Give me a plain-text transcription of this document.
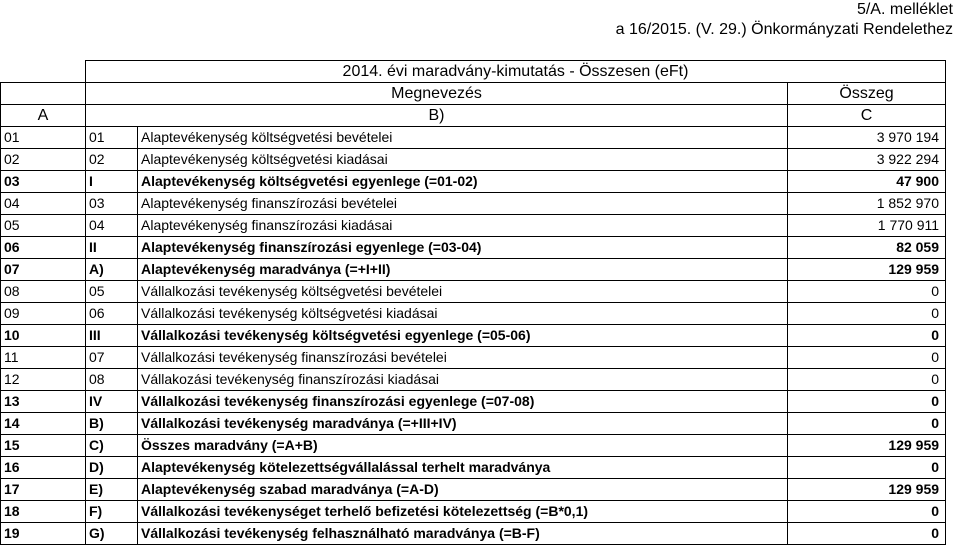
5/A. melléklet
a 16/2015. (V. 29.) Önkormányzati Rendelethez
	2014. évi maradvány-kimutatás - Összesen (eFt)		
	Megnevezés		Összeg
A	B)		C
01	01	Alaptevékenység költségvetési bevételei	3 970 194
02	02	Alaptevékenység költségvetési kiadásai	3 922 294
03	I	Alaptevékenység költségvetési egyenlege (=01-02)	47 900
04	03	Alaptevékenység finanszírozási bevételei	1 852 970
05	04	Alaptevékenység finanszírozási kiadásai	1 770 911
06	II	Alaptevékenység finanszírozási egyenlege (=03-04)	82 059
07	A)	Alaptevékenység maradványa (=+I+II)	129 959
08	05	Vállalkozási tevékenység költségvetési bevételei	0
09	06	Vállalkozási tevékenység költségvetési kiadásai	0
10	III	Vállalkozási tevékenység költségvetési egyenlege (=05-06)	0
11	07	Vállalkozási tevékenység finanszírozási bevételei	0
12	08	Vállakozási tevékenység finanszírozási kiadásai	0
13	IV	Vállalkozási tevékenység finanszírozási egyenlege (=07-08)	0
14	B)	Vállalkozási tevékenység maradványa (=+III+IV)	0
15	C)	Összes maradvány (=A+B)	129 959
16	D)	Alaptevékenység kötelezettségvállalással terhelt maradványa	0
17	E)	Alaptevékenység szabad maradványa (=A-D)	129 959
18	F)	Vállalkozási tevékenységet terhelő befizetési kötelezettség (=B*0,1)	0
19	G)	Vállalkozási tevékenység felhasználható maradványa (=B-F)	0
